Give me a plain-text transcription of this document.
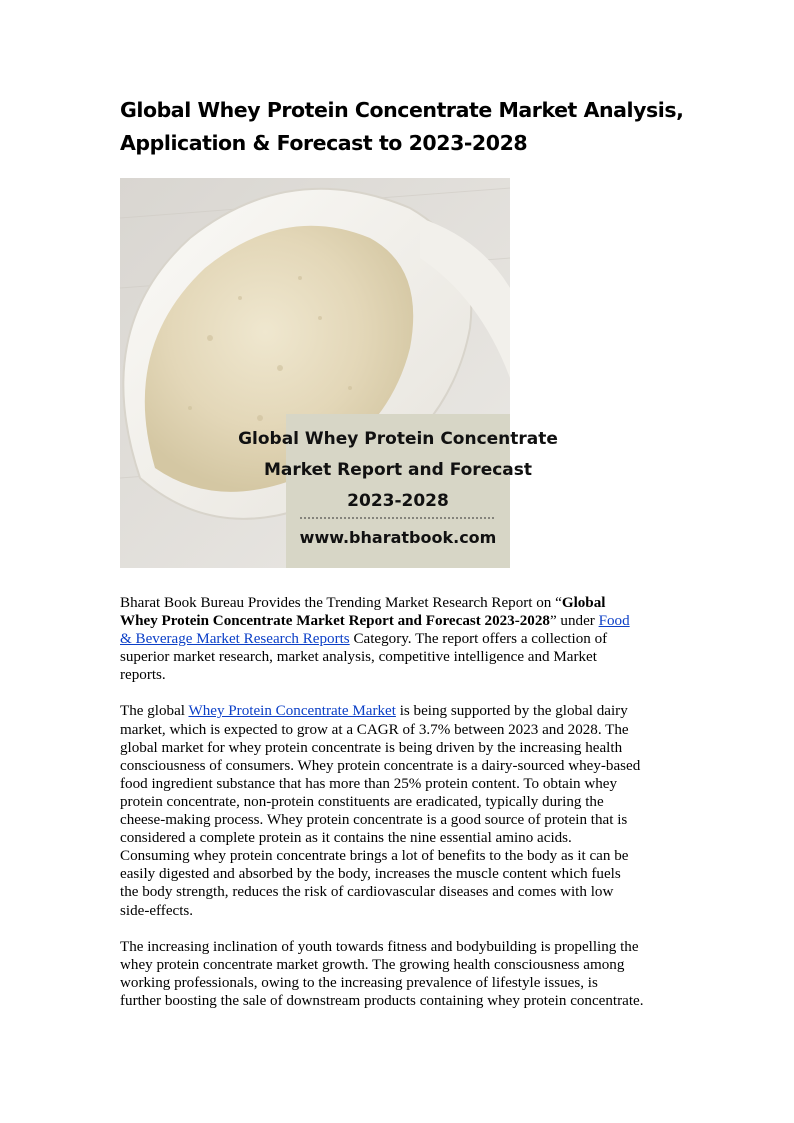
Global Whey Protein Concentrate Market Analysis,
Application & Forecast to 2023-2028
Global Whey Protein Concentrate
Market Report and Forecast
2023-2028
www.bharatbook.com

Bharat Book Bureau Provides the Trending Market Research Report on “Global
Whey Protein Concentrate Market Report and Forecast 2023-2028” under Food
& Beverage Market Research Reports Category. The report offers a collection of
superior market research, market analysis, competitive intelligence and Market
reports.

The global Whey Protein Concentrate Market is being supported by the global dairy
market, which is expected to grow at a CAGR of 3.7% between 2023 and 2028. The
global market for whey protein concentrate is being driven by the increasing health
consciousness of consumers. Whey protein concentrate is a dairy-sourced whey-based
food ingredient substance that has more than 25% protein content. To obtain whey
protein concentrate, non-protein constituents are eradicated, typically during the
cheese-making process. Whey protein concentrate is a good source of protein that is
considered a complete protein as it contains the nine essential amino acids.
Consuming whey protein concentrate brings a lot of benefits to the body as it can be
easily digested and absorbed by the body, increases the muscle content which fuels
the body strength, reduces the risk of cardiovascular diseases and comes with low
side-effects.

The increasing inclination of youth towards fitness and bodybuilding is propelling the
whey protein concentrate market growth. The growing health consciousness among
working professionals, owing to the increasing prevalence of lifestyle issues, is
further boosting the sale of downstream products containing whey protein concentrate.
